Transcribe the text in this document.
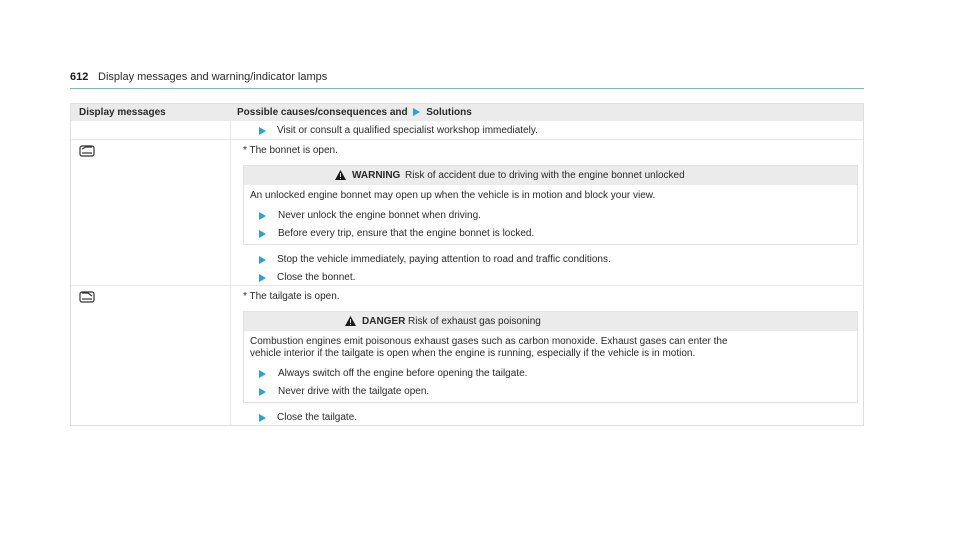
612 Display messages and warning/indicator lamps
Display messages	Possible causes/consequences and Solutions
Visit or consult a qualified specialist workshop immediately.
* The bonnet is open.
WARNING Risk of accident due to driving with the engine bonnet unlocked
An unlocked engine bonnet may open up when the vehicle is in motion and block your view.
Never unlock the engine bonnet when driving.
Before every trip, ensure that the engine bonnet is locked.
Stop the vehicle immediately, paying attention to road and traffic conditions.
Close the bonnet.
* The tailgate is open.
DANGER Risk of exhaust gas poisoning
Combustion engines emit poisonous exhaust gases such as carbon monoxide. Exhaust gases can enter the
vehicle interior if the tailgate is open when the engine is running, especially if the vehicle is in motion.
Always switch off the engine before opening the tailgate.
Never drive with the tailgate open.
Close the tailgate.
